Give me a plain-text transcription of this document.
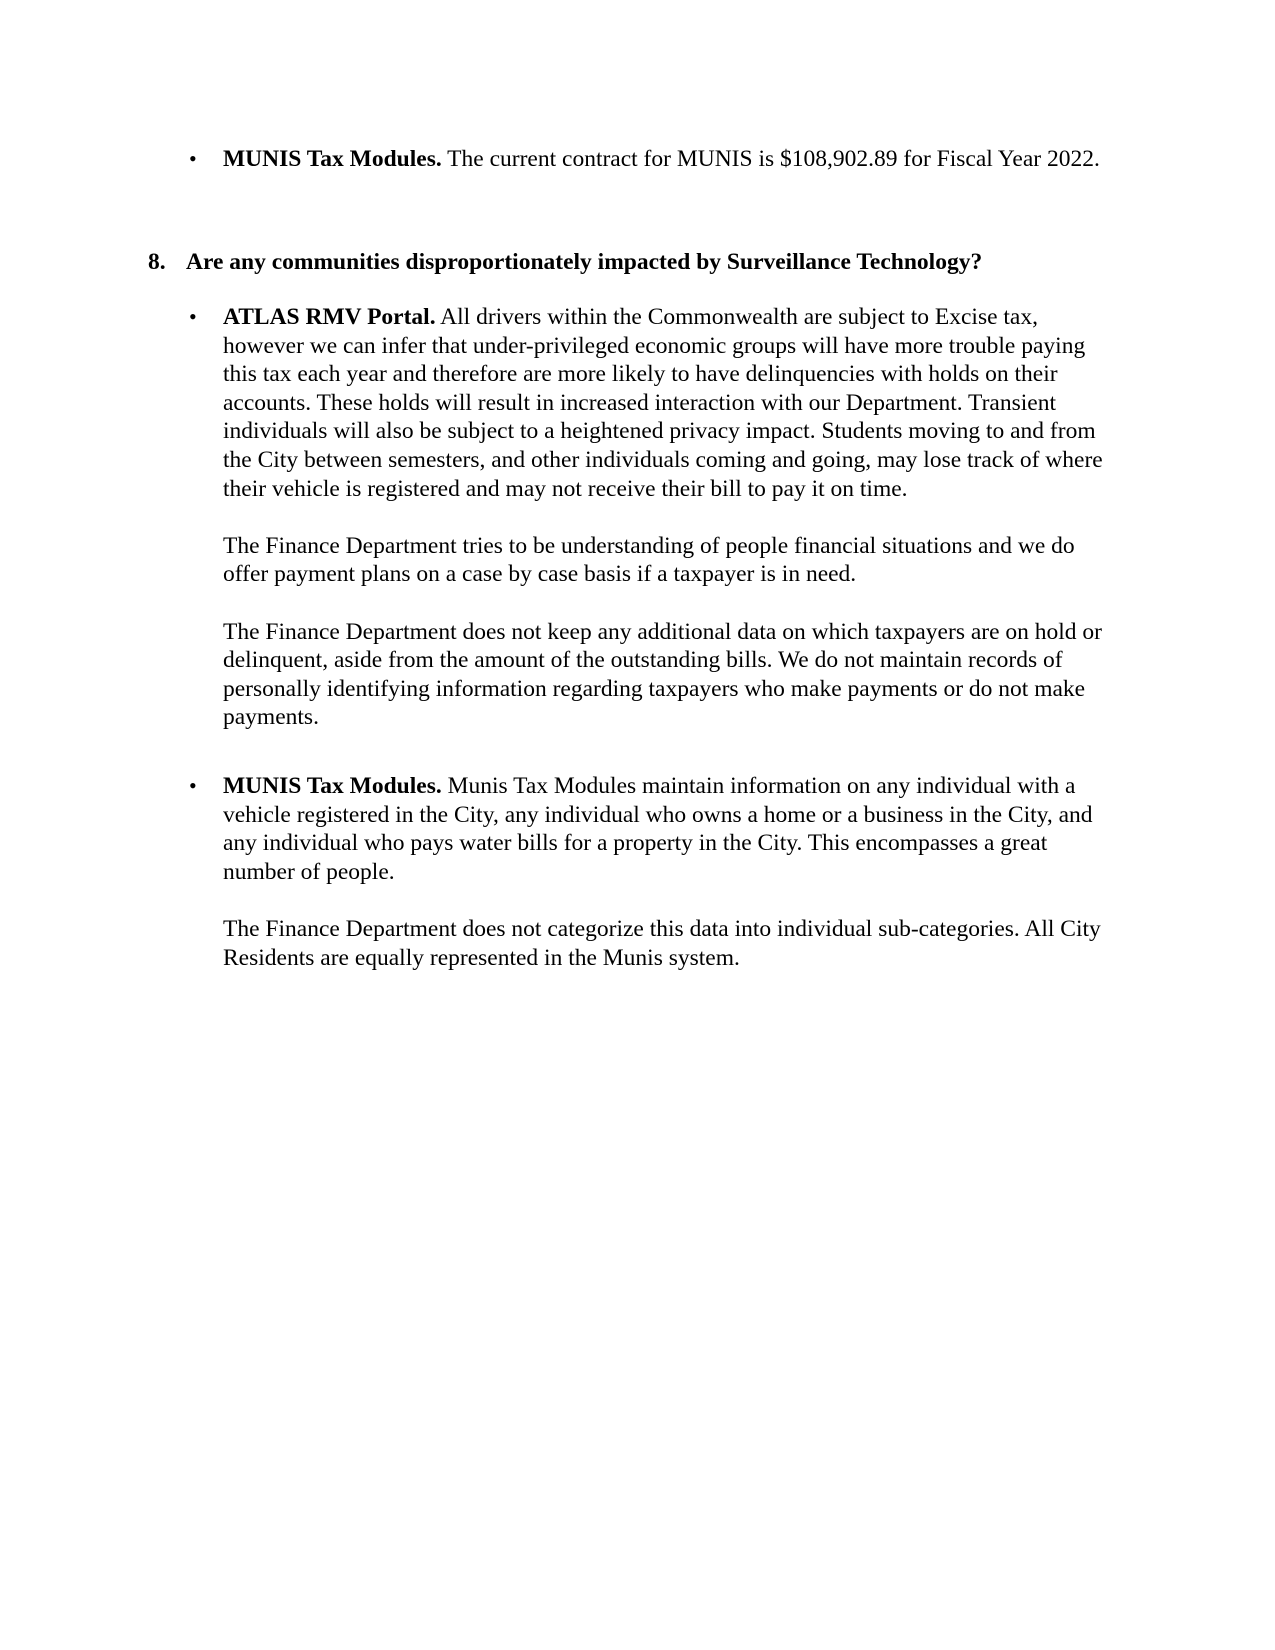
• MUNIS Tax Modules. The current contract for MUNIS is $108,902.89 for Fiscal Year 2022.

8. Are any communities disproportionately impacted by Surveillance Technology?
• ATLAS RMV Portal. All drivers within the Commonwealth are subject to Excise tax, however we can infer that under-privileged economic groups will have more trouble paying this tax each year and therefore are more likely to have delinquencies with holds on their accounts. These holds will result in increased interaction with our Department. Transient individuals will also be subject to a heightened privacy impact. Students moving to and from the City between semesters, and other individuals coming and going, may lose track of where their vehicle is registered and may not receive their bill to pay it on time.

The Finance Department tries to be understanding of people financial situations and we do offer payment plans on a case by case basis if a taxpayer is in need.

The Finance Department does not keep any additional data on which taxpayers are on hold or delinquent, aside from the amount of the outstanding bills. We do not maintain records of personally identifying information regarding taxpayers who make payments or do not make payments.

• MUNIS Tax Modules. Munis Tax Modules maintain information on any individual with a vehicle registered in the City, any individual who owns a home or a business in the City, and any individual who pays water bills for a property in the City. This encompasses a great number of people.

The Finance Department does not categorize this data into individual sub-categories. All City Residents are equally represented in the Munis system.
